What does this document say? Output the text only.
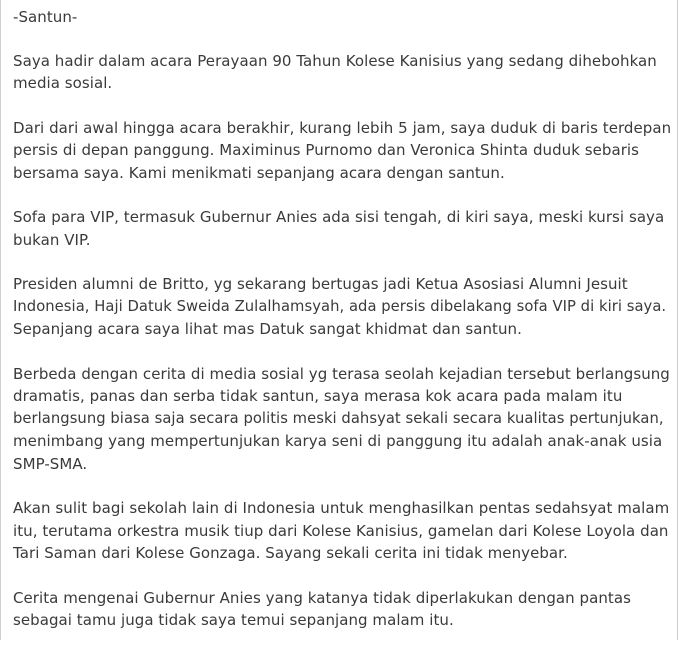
-Santun-

Saya hadir dalam acara Perayaan 90 Tahun Kolese Kanisius yang sedang dihebohkan
media sosial.

Dari dari awal hingga acara berakhir, kurang lebih 5 jam, saya duduk di baris terdepan
persis di depan panggung. Maximinus Purnomo dan Veronica Shinta duduk sebaris
bersama saya. Kami menikmati sepanjang acara dengan santun.

Sofa para VIP, termasuk Gubernur Anies ada sisi tengah, di kiri saya, meski kursi saya
bukan VIP.

Presiden alumni de Britto, yg sekarang bertugas jadi Ketua Asosiasi Alumni Jesuit
Indonesia, Haji Datuk Sweida Zulalhamsyah, ada persis dibelakang sofa VIP di kiri saya.
Sepanjang acara saya lihat mas Datuk sangat khidmat dan santun.

Berbeda dengan cerita di media sosial yg terasa seolah kejadian tersebut berlangsung
dramatis, panas dan serba tidak santun, saya merasa kok acara pada malam itu
berlangsung biasa saja secara politis meski dahsyat sekali secara kualitas pertunjukan,
menimbang yang mempertunjukan karya seni di panggung itu adalah anak-anak usia
SMP-SMA.

Akan sulit bagi sekolah lain di Indonesia untuk menghasilkan pentas sedahsyat malam
itu, terutama orkestra musik tiup dari Kolese Kanisius, gamelan dari Kolese Loyola dan
Tari Saman dari Kolese Gonzaga. Sayang sekali cerita ini tidak menyebar.

Cerita mengenai Gubernur Anies yang katanya tidak diperlakukan dengan pantas
sebagai tamu juga tidak saya temui sepanjang malam itu.
